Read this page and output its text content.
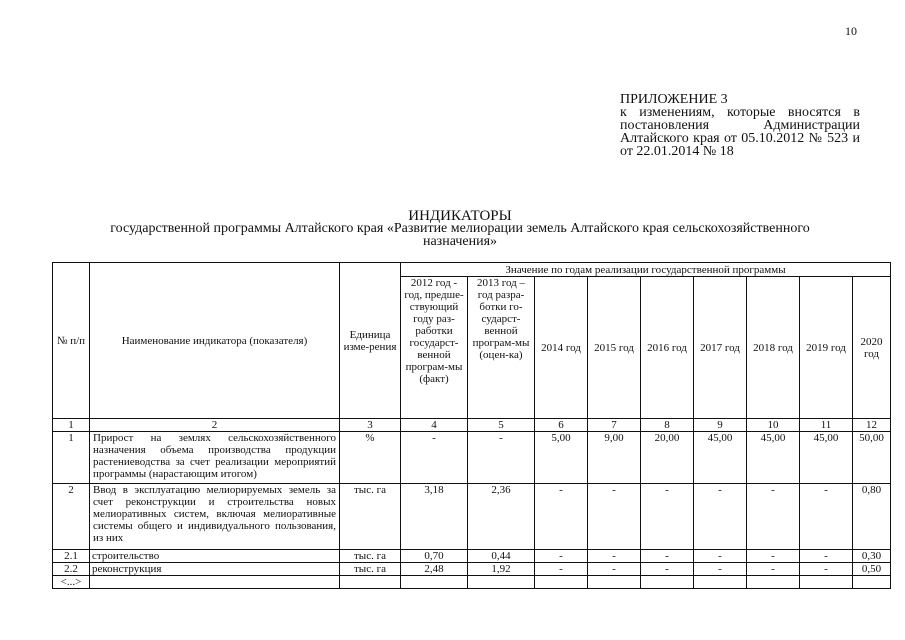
10
ПРИЛОЖЕНИЕ 3
к изменениям, которые вносятся в постановления Администрации Алтайского края от 05.10.2012 № 523 и от 22.01.2014 № 18
ИНДИКАТОРЫ
государственной программы Алтайского края «Развитие мелиорации земель Алтайского края сельскохозяйственного назначения»
№ п/п	Наименование индикатора (показателя)	Единица изме-рения	Значение по годам реализации государственной программы								
			2012 год - год, предше-ствующий году раз-работки государст-венной програм-мы (факт)	2013 год – год разра-ботки го-сударст-венной програм-мы (оцен-ка)	2014 год	2015 год	2016 год	2017 год	2018 год	2019 год	2020 год
1	2	3	4	5	6	7	8	9	10	11	12
1	Прирост на землях сельскохозяйственного назначения объема производства продукции растениеводства за счет реализации мероприятий программы (нарастающим итогом)	%	-	-	5,00	9,00	20,00	45,00	45,00	45,00	50,00
2	Ввод в эксплуатацию мелиорируемых земель за счет реконструкции и строительства новых мелиоративных систем, включая мелиоративные системы общего и индивидуального пользования, из них	тыс. га	3,18	2,36	-	-	-	-	-	-	0,80
2.1	строительство	тыс. га	0,70	0,44	-	-	-	-	-	-	0,30
2.2	реконструкция	тыс. га	2,48	1,92	-	-	-	-	-	-	0,50
<...>											
